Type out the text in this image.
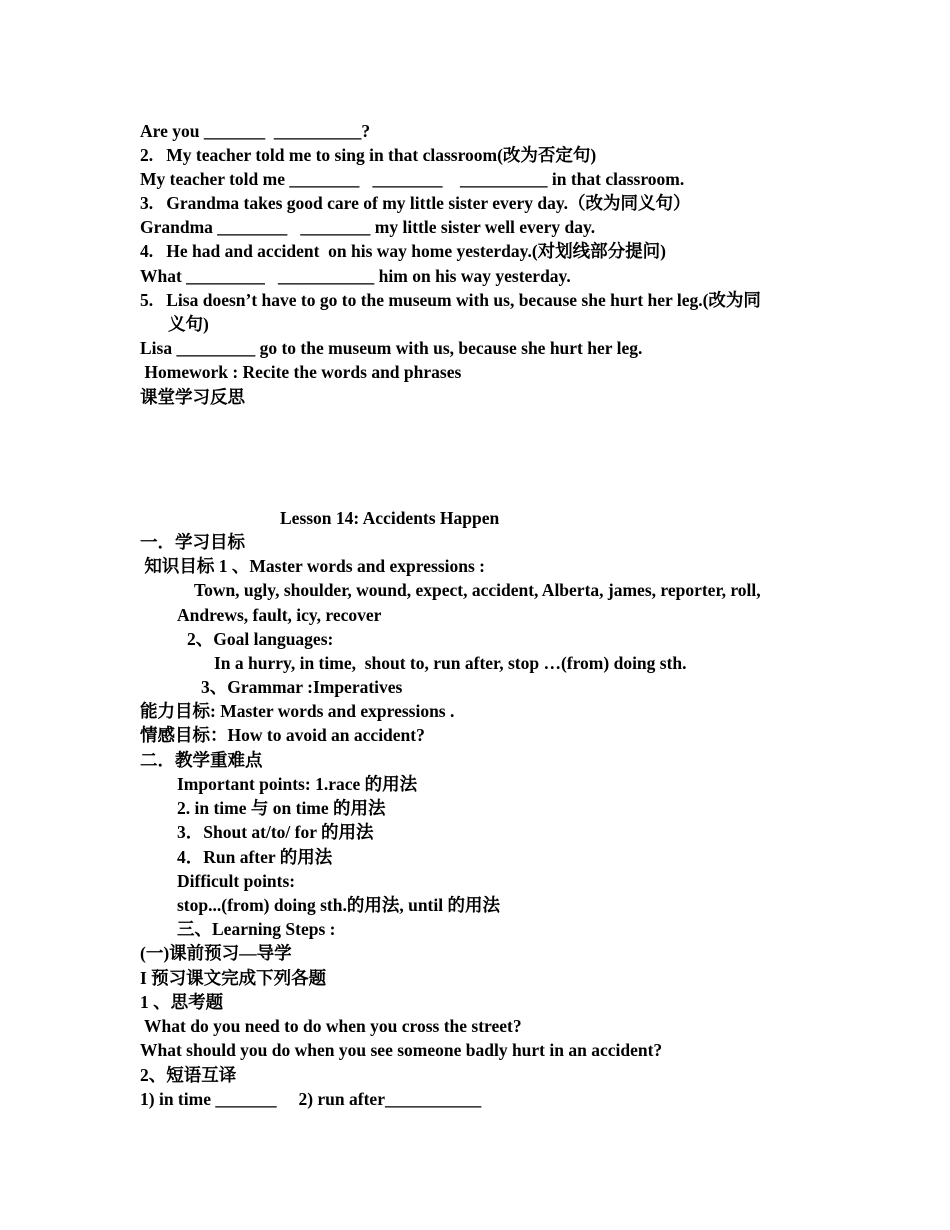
Are you _______  __________?
2.   My teacher told me to sing in that classroom(改为否定句)
My teacher told me ________   ________    __________ in that classroom.
3.   Grandma takes good care of my little sister every day.（改为同义句）
Grandma ________   ________ my little sister well every day.
4.   He had and accident  on his way home yesterday.(对划线部分提问)
What _________   ___________ him on his way yesterday.
5.   Lisa doesn’t have to go to the museum with us, because she hurt her leg.(改为同
义句)
Lisa _________ go to the museum with us, because she hurt her leg.
Homework : Recite the words and phrases
课堂学习反思
Lesson 14: Accidents Happen
一．学习目标
知识目标 1 、Master words and expressions :
Town, ugly, shoulder, wound, expect, accident, Alberta, james, reporter, roll,
Andrews, fault, icy, recover
2、Goal languages:
In a hurry, in time,  shout to, run after, stop …(from) doing sth.
3、Grammar :Imperatives
能力目标: Master words and expressions .
情感目标：How to avoid an accident?
二．教学重难点
Important points: 1.race 的用法
2. in time 与 on time 的用法
3．Shout at/to/ for 的用法
4．Run after 的用法
Difficult points:
stop...(from) doing sth.的用法, until 的用法
三、Learning Steps :
(一)课前预习—导学
I 预习课文完成下列各题
1 、思考题
What do you need to do when you cross the street?
What should you do when you see someone badly hurt in an accident?
2、短语互译
1) in time _______     2) run after___________
